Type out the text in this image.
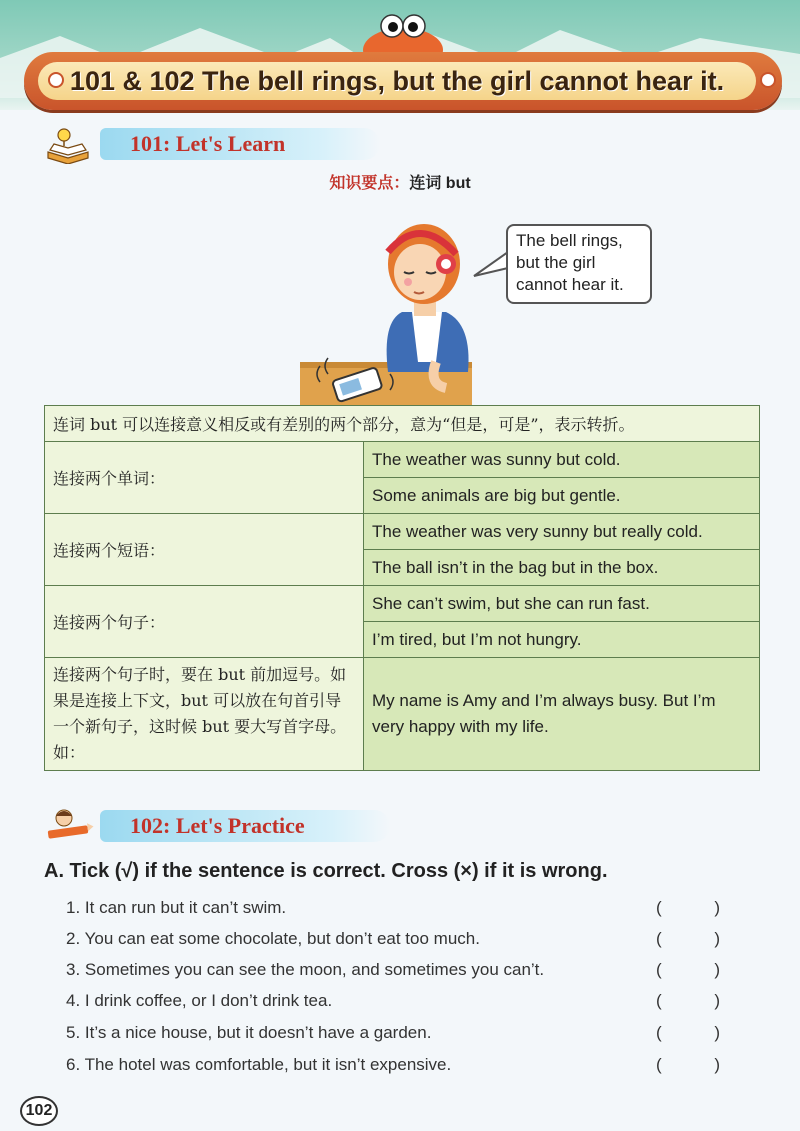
101 & 102 The bell rings, but the girl cannot hear it.
101: Let's Learn
知识要点：连词 but
The bell rings,
but the girl
cannot hear it.
连词 but 可以连接意义相反或有差别的两个部分，意为“但是，可是”，表示转折。	
连接两个单词：	The weather was sunny but cold.
	Some animals are big but gentle.
连接两个短语：	The weather was very sunny but really cold.
	The ball isn’t in the bag but in the box.
连接两个句子：	She can’t swim, but she can run fast.
	I’m tired, but I’m not hungry.
连接两个句子时，要在 but 前加逗号。如果是连接上下文，but 可以放在句首引导一个新句子，这时候 but 要大写首字母。如：	My name is Amy and I’m always busy. But I’m very happy with my life.
102: Let's Practice
A. Tick (√) if the sentence is correct. Cross (×) if it is wrong.
1. It can run but it can’t swim.	( )
2. You can eat some chocolate, but don’t eat too much.	( )
3. Sometimes you can see the moon, and sometimes you can’t.	( )
4. I drink coffee, or I don’t drink tea.	( )
5. It’s a nice house, but it doesn’t have a garden.	( )
6. The hotel was comfortable, but it isn’t expensive.	( )
102
